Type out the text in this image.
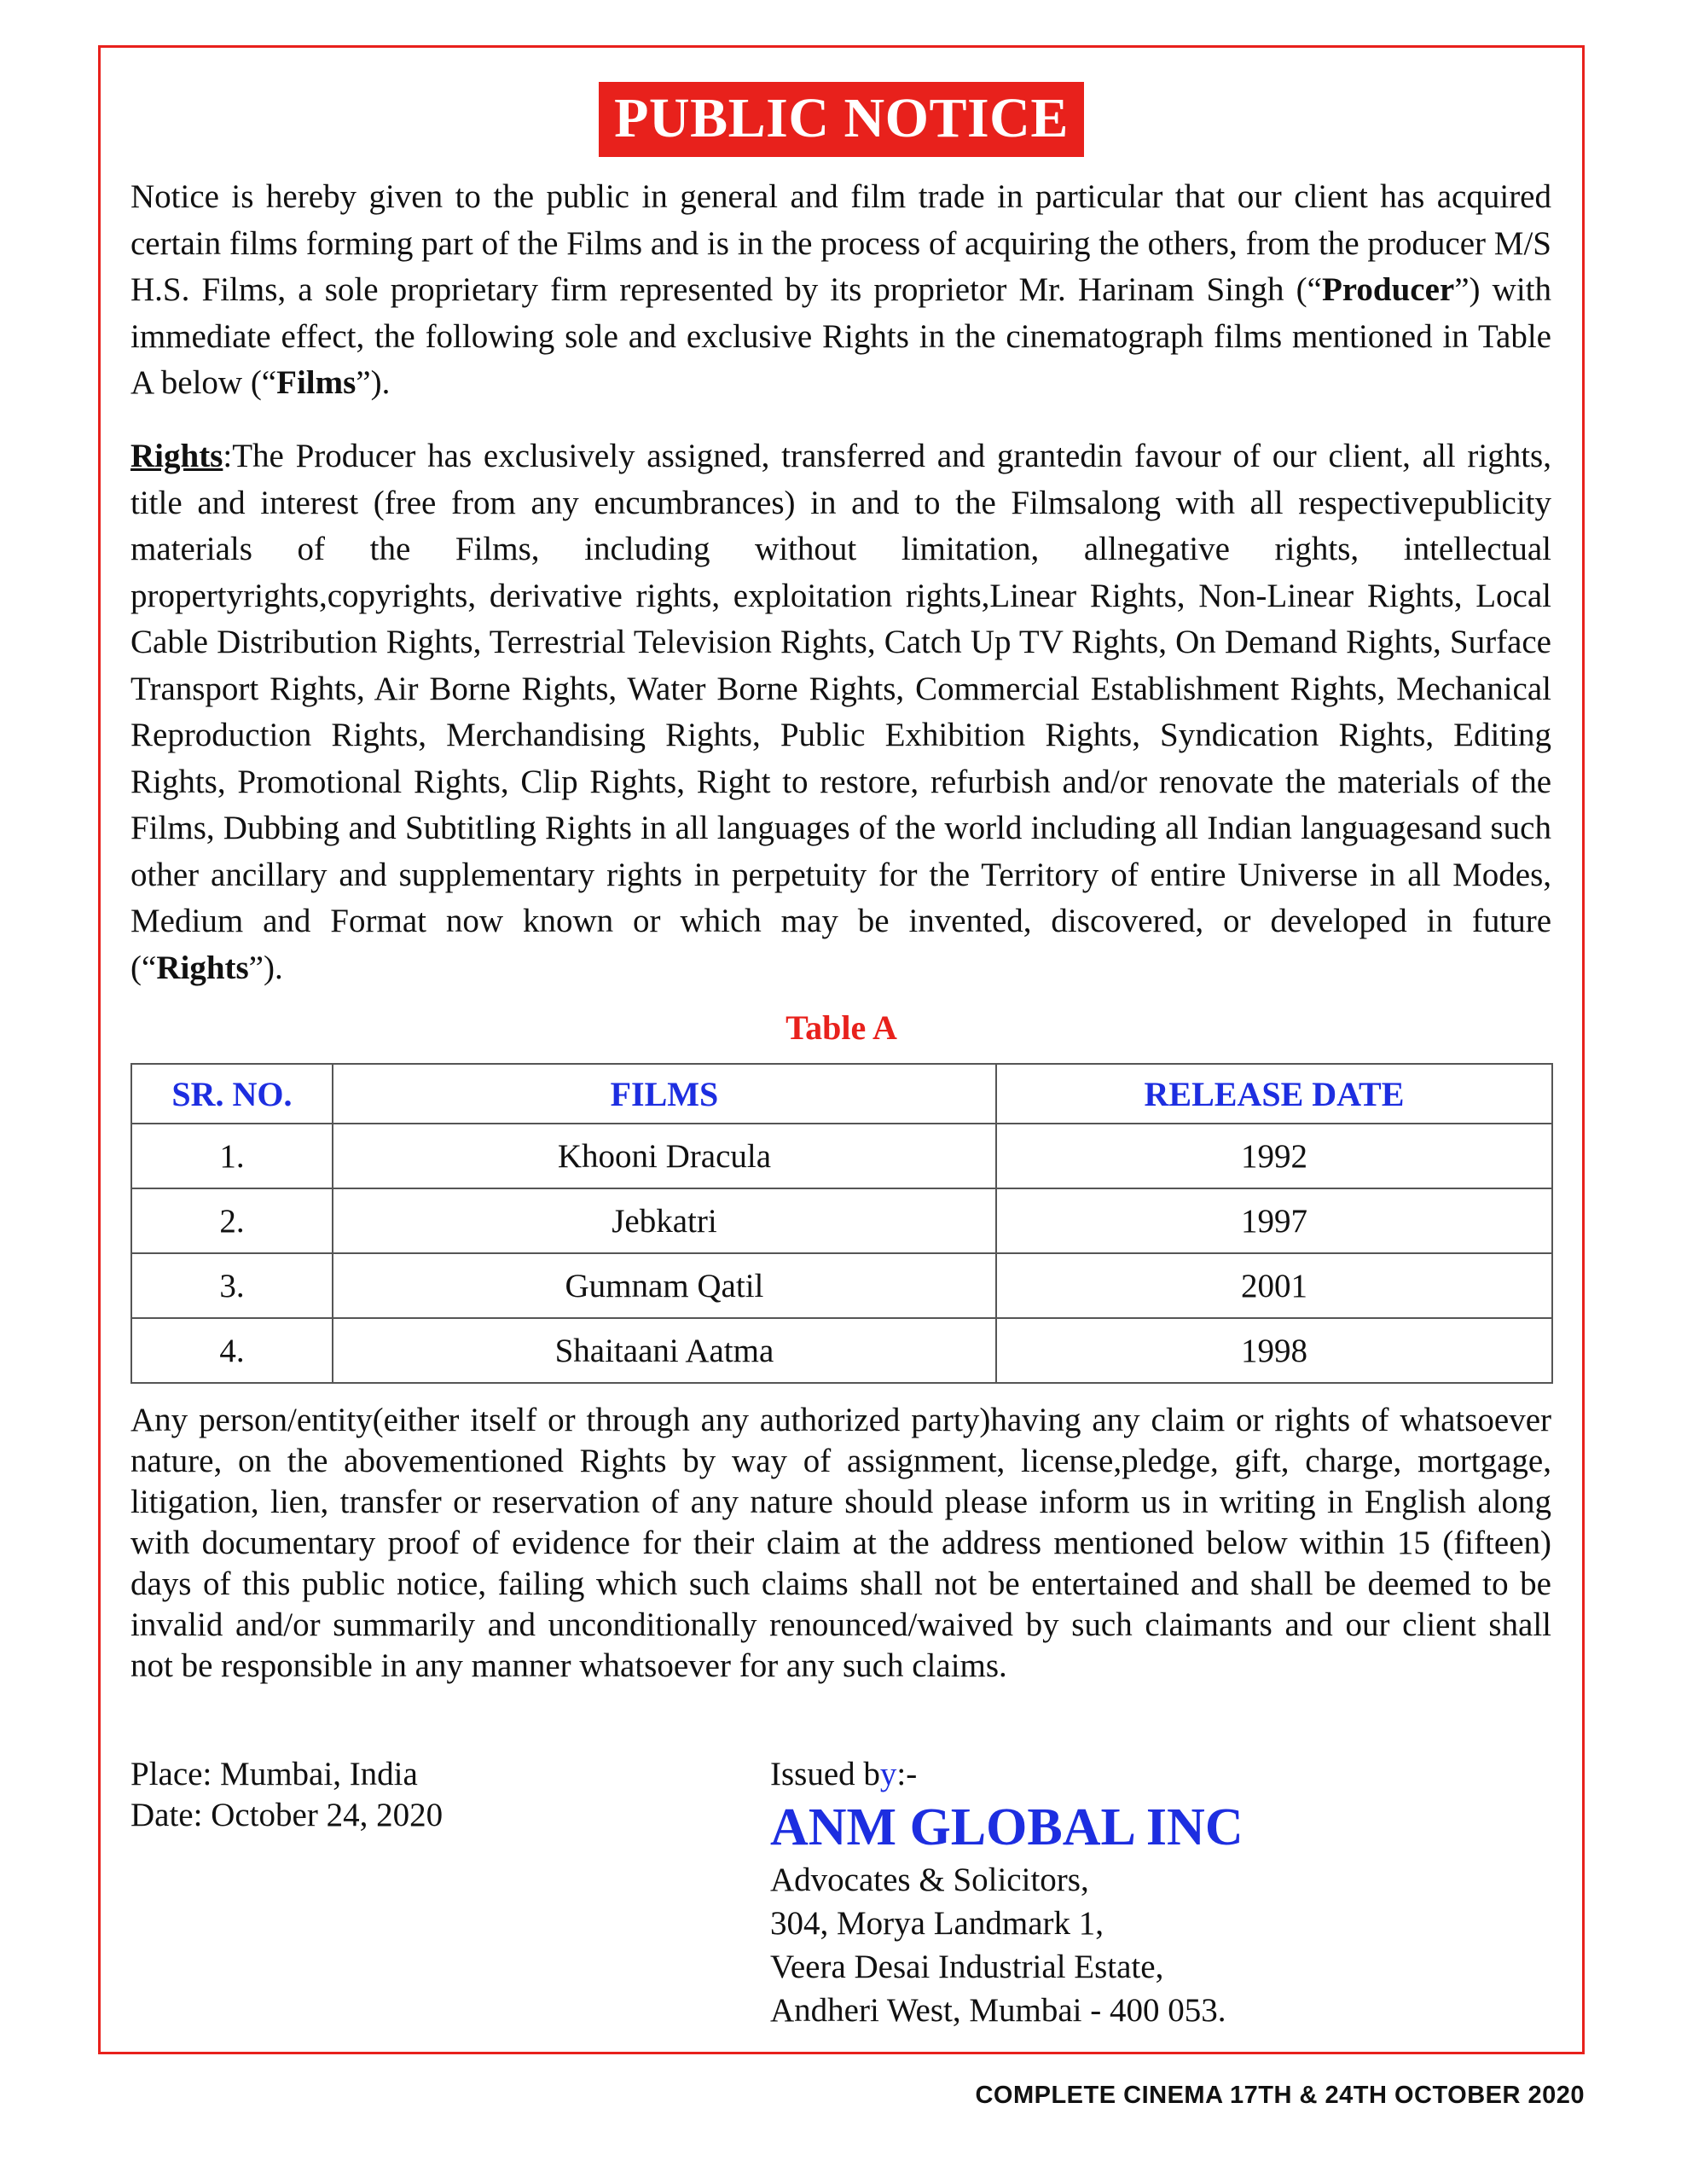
PUBLIC NOTICE

Notice is hereby given to the public in general and film trade in particular that our client has acquired certain films forming part of the Films and is in the process of acquiring the others, from the producer M/S H.S. Films, a sole proprietary firm represented by its proprietor Mr. Harinam Singh (“Producer”) with immediate effect, the following sole and exclusive Rights in the cinematograph films mentioned in Table A below (“Films”).

Rights:The Producer has exclusively assigned, transferred and grantedin favour of our client, all rights, title and interest (free from any encumbrances) in and to the Filmsalong with all respectivepublicity materials of the Films, including without limitation, allnegative rights, intellectual propertyrights,copyrights, derivative rights, exploitation rights,Linear Rights, Non-Linear Rights, Local Cable Distribution Rights, Terrestrial Television Rights, Catch Up TV Rights, On Demand Rights, Surface Transport Rights, Air Borne Rights, Water Borne Rights, Commercial Establishment Rights, Mechanical Reproduction Rights, Merchandising Rights, Public Exhibition Rights, Syndication Rights, Editing Rights, Promotional Rights, Clip Rights, Right to restore, refurbish and/or renovate the materials of the Films, Dubbing and Subtitling Rights in all languages of the world including all Indian languagesand such other ancillary and supplementary rights in perpetuity for the Territory of entire Universe in all Modes, Medium and Format now known or which may be invented, discovered, or developed in future (“Rights”).

Table A
SR. NO.	FILMS	RELEASE DATE
1.	Khooni Dracula	1992
2.	Jebkatri	1997
3.	Gumnam Qatil	2001
4.	Shaitaani Aatma	1998

Any person/entity(either itself or through any authorized party)having any claim or rights of whatsoever nature, on the abovementioned Rights by way of assignment, license,pledge, gift, charge, mortgage, litigation, lien, transfer or reservation of any nature should please inform us in writing in English along with documentary proof of evidence for their claim at the address mentioned below within 15 (fifteen) days of this public notice, failing which such claims shall not be entertained and shall be deemed to be invalid and/or summarily and unconditionally renounced/waived by such claimants and our client shall not be responsible in any manner whatsoever for any such claims.

Place: Mumbai, India
Date: October 24, 2020
Issued by:-
ANM GLOBAL INC
Advocates & Solicitors,
304, Morya Landmark 1,
Veera Desai Industrial Estate,
Andheri West, Mumbai - 400 053.
COMPLETE CINEMA 17TH & 24TH OCTOBER 2020
